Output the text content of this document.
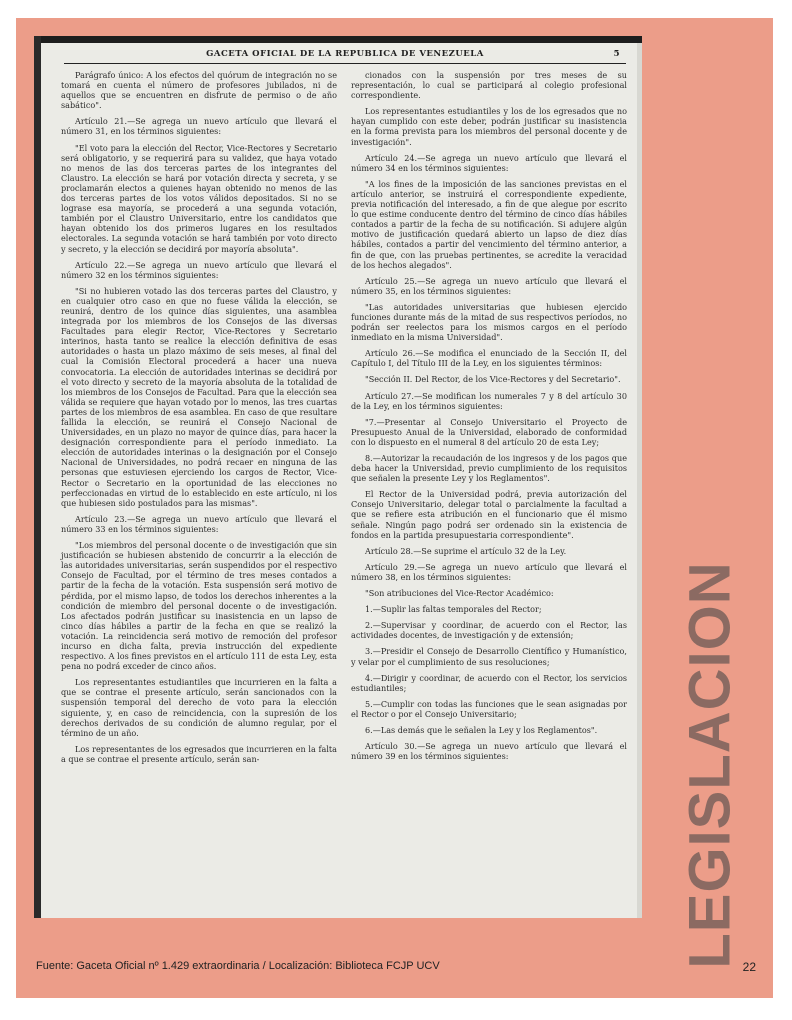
GACETA OFICIAL DE LA REPUBLICA DE VENEZUELA	5

Parágrafo único: A los efectos del quórum de integración no se tomará en cuenta el número de profesores jubilados, ni de aquellos que se encuentren en disfrute de permiso o de año sabático".

Artículo 21.—Se agrega un nuevo artículo que llevará el número 31, en los términos siguientes:

"El voto para la elección del Rector, Vice-Rectores y Secretario será obligatorio, y se requerirá para su validez, que haya votado no menos de las dos terceras partes de los integrantes del Claustro. La elección se hará por votación directa y secreta, y se proclamarán electos a quienes hayan obtenido no menos de las dos terceras partes de los votos válidos depositados. Si no se lograse esa mayoría, se procederá a una segunda votación, también por el Claustro Universitario, entre los candidatos que hayan obtenido los dos primeros lugares en los resultados electorales. La segunda votación se hará también por voto directo y secreto, y la elección se decidirá por mayoría absoluta".

Artículo 22.—Se agrega un nuevo artículo que llevará el número 32 en los términos siguientes:

"Si no hubieren votado las dos terceras partes del Claustro, y en cualquier otro caso en que no fuese válida la elección, se reunirá, dentro de los quince días siguientes, una asamblea integrada por los miembros de los Consejos de las diversas Facultades para elegir Rector, Vice-Rectores y Secretario interinos, hasta tanto se realice la elección definitiva de esas autoridades o hasta un plazo máximo de seis meses, al final del cual la Comisión Electoral procederá a hacer una nueva convocatoria. La elección de autoridades interinas se decidirá por el voto directo y secreto de la mayoría absoluta de la totalidad de los miembros de los Consejos de Facultad. Para que la elección sea válida se requiere que hayan votado por lo menos, las tres cuartas partes de los miembros de esa asamblea. En caso de que resultare fallida la elección, se reunirá el Consejo Nacional de Universidades, en un plazo no mayor de quince días, para hacer la designación correspondiente para el período inmediato. La elección de autoridades interinas o la designación por el Consejo Nacional de Universidades, no podrá recaer en ninguna de las personas que estuviesen ejerciendo los cargos de Rector, Vice-Rector o Secretario en la oportunidad de las elecciones no perfeccionadas en virtud de lo establecido en este artículo, ni los que hubiesen sido postulados para las mismas".

Artículo 23.—Se agrega un nuevo artículo que llevará el número 33 en los términos siguientes:

"Los miembros del personal docente o de investigación que sin justificación se hubiesen abstenido de concurrir a la elección de las autoridades universitarias, serán suspendidos por el respectivo Consejo de Facultad, por el término de tres meses contados a partir de la fecha de la votación. Esta suspensión será motivo de pérdida, por el mismo lapso, de todos los derechos inherentes a la condición de miembro del personal docente o de investigación. Los afectados podrán justificar su inasistencia en un lapso de cinco días hábiles a partir de la fecha en que se realizó la votación. La reincidencia será motivo de remoción del profesor incurso en dicha falta, previa instrucción del expediente respectivo. A los fines previstos en el artículo 111 de esta Ley, esta pena no podrá exceder de cinco años.

Los representantes estudiantiles que incurrieren en la falta a que se contrae el presente artículo, serán sancionados con la suspensión temporal del derecho de voto para la elección siguiente, y, en caso de reincidencia, con la supresión de los derechos derivados de su condición de alumno regular, por el término de un año.

Los representantes de los egresados que incurrieren en la falta a que se contrae el presente artículo, serán san-

cionados con la suspensión por tres meses de su representación, lo cual se participará al colegio profesional correspondiente.

Los representantes estudiantiles y los de los egresados que no hayan cumplido con este deber, podrán justificar su inasistencia en la forma prevista para los miembros del personal docente y de investigación".

Artículo 24.—Se agrega un nuevo artículo que llevará el número 34 en los términos siguientes:

"A los fines de la imposición de las sanciones previstas en el artículo anterior, se instruirá el correspondiente expediente, previa notificación del interesado, a fin de que alegue por escrito lo que estime conducente dentro del término de cinco días hábiles contados a partir de la fecha de su notificación. Si adujere algún motivo de justificación quedará abierto un lapso de diez días hábiles, contados a partir del vencimiento del término anterior, a fin de que, con las pruebas pertinentes, se acredite la veracidad de los hechos alegados".

Artículo 25.—Se agrega un nuevo artículo que llevará el número 35, en los términos siguientes:

"Las autoridades universitarias que hubiesen ejercido funciones durante más de la mitad de sus respectivos períodos, no podrán ser reelectos para los mismos cargos en el período inmediato en la misma Universidad".

Artículo 26.—Se modifica el enunciado de la Sección II, del Capítulo I, del Título III de la Ley, en los siguientes términos:

"Sección II. Del Rector, de los Vice-Rectores y del Secretario".

Artículo 27.—Se modifican los numerales 7 y 8 del artículo 30 de la Ley, en los términos siguientes:

"7.—Presentar al Consejo Universitario el Proyecto de Presupuesto Anual de la Universidad, elaborado de conformidad con lo dispuesto en el numeral 8 del artículo 20 de esta Ley;

8.—Autorizar la recaudación de los ingresos y de los pagos que deba hacer la Universidad, previo cumplimiento de los requisitos que señalen la presente Ley y los Reglamentos".

El Rector de la Universidad podrá, previa autorización del Consejo Universitario, delegar total o parcialmente la facultad a que se refiere esta atribución en el funcionario que él mismo señale. Ningún pago podrá ser ordenado sin la existencia de fondos en la partida presupuestaria correspondiente".

Artículo 28.—Se suprime el artículo 32 de la Ley.

Artículo 29.—Se agrega un nuevo artículo que llevará el número 38, en los términos siguientes:

"Son atribuciones del Vice-Rector Académico:

1.—Suplir las faltas temporales del Rector;

2.—Supervisar y coordinar, de acuerdo con el Rector, las actividades docentes, de investigación y de extensión;

3.—Presidir el Consejo de Desarrollo Científico y Humanístico, y velar por el cumplimiento de sus resoluciones;

4.—Dirigir y coordinar, de acuerdo con el Rector, los servicios estudiantiles;

5.—Cumplir con todas las funciones que le sean asignadas por el Rector o por el Consejo Universitario;

6.—Las demás que le señalen la Ley y los Reglamentos".

Artículo 30.—Se agrega un nuevo artículo que llevará el número 39 en los términos siguientes:	LEGISLACION
Fuente: Gaceta Oficial nº 1.429 extraordinaria / Localización: Biblioteca FCJP UCV	22
